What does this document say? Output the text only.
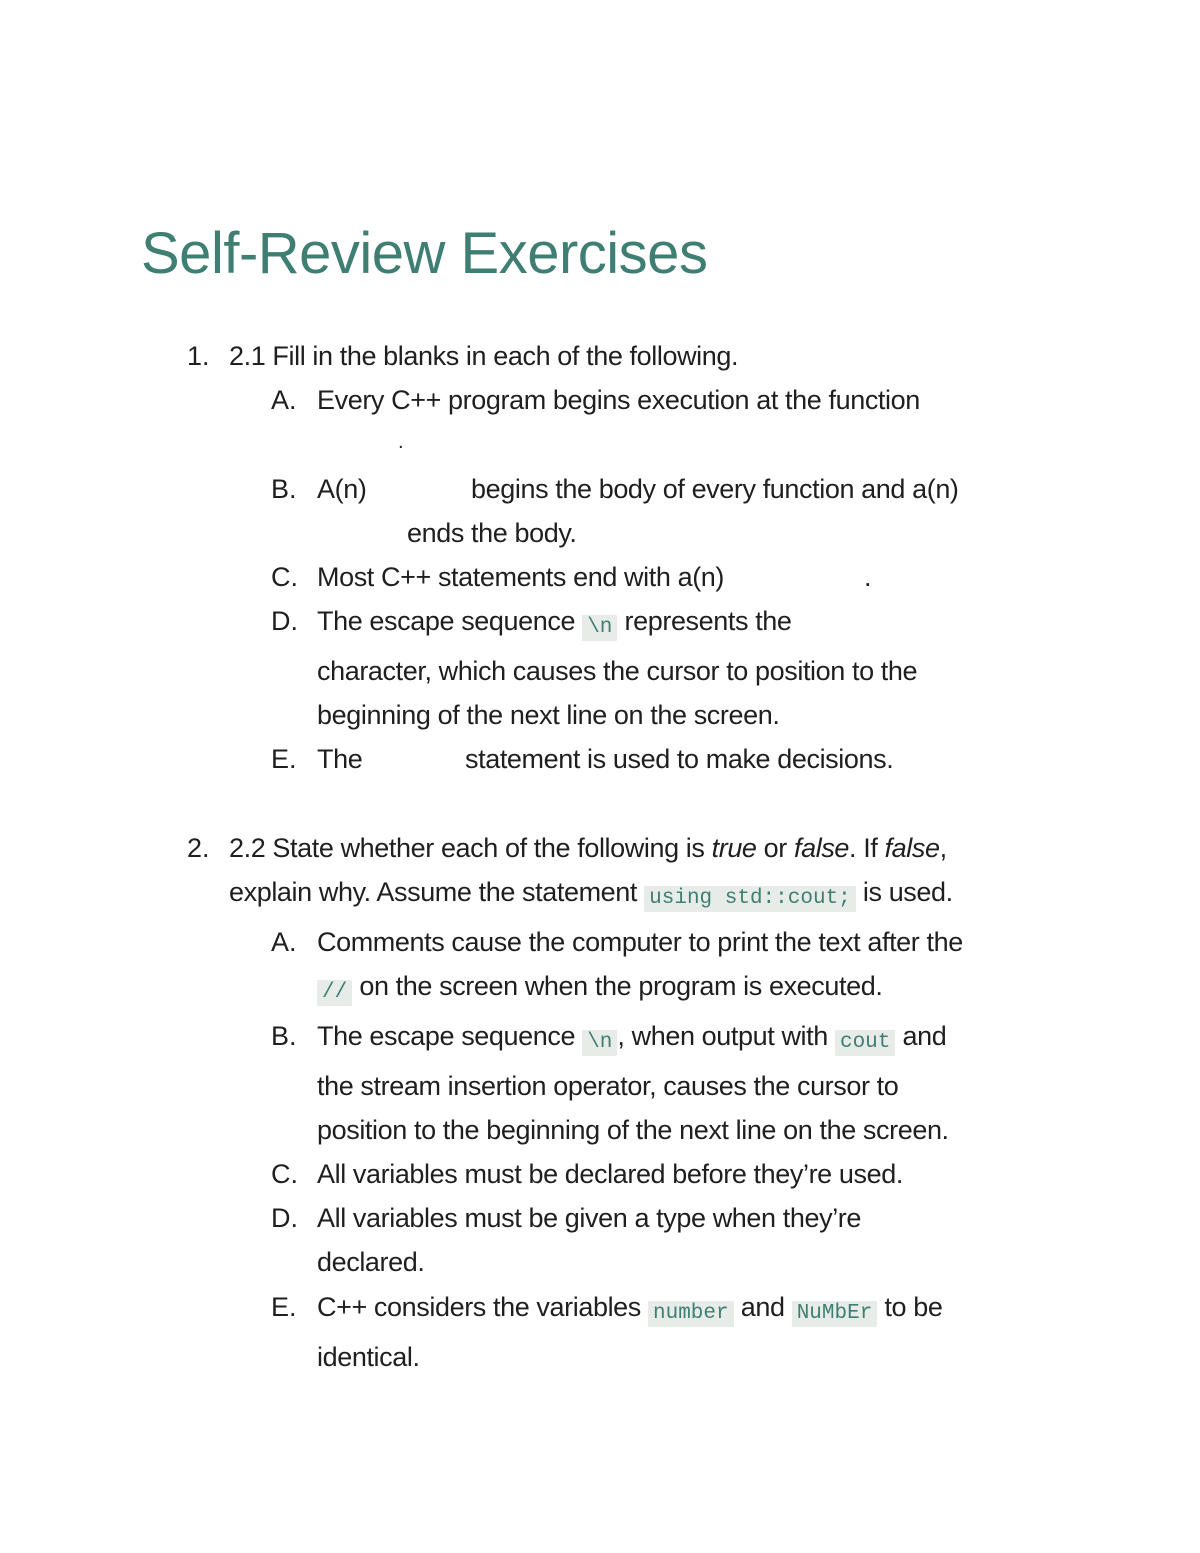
Self-Review Exercises
1. 2.1 Fill in the blanks in each of the following.
A. Every C++ program begins execution at the function
.
B. A(n)	begins the body of every function and a(n)
ends the body.
C. Most C++ statements end with a(n)	.
D. The escape sequence \n represents the
character, which causes the cursor to position to the
beginning of the next line on the screen.
E. The	statement is used to make decisions.
2. 2.2 State whether each of the following is true or false. If false,
explain why. Assume the statement using std::cout; is used.
A. Comments cause the computer to print the text after the
// on the screen when the program is executed.
B. The escape sequence \n , when output with cout and
the stream insertion operator, causes the cursor to
position to the beginning of the next line on the screen.
C. All variables must be declared before they’re used.
D. All variables must be given a type when they’re
declared.
E. C++ considers the variables number and NuMbEr to be
identical.
